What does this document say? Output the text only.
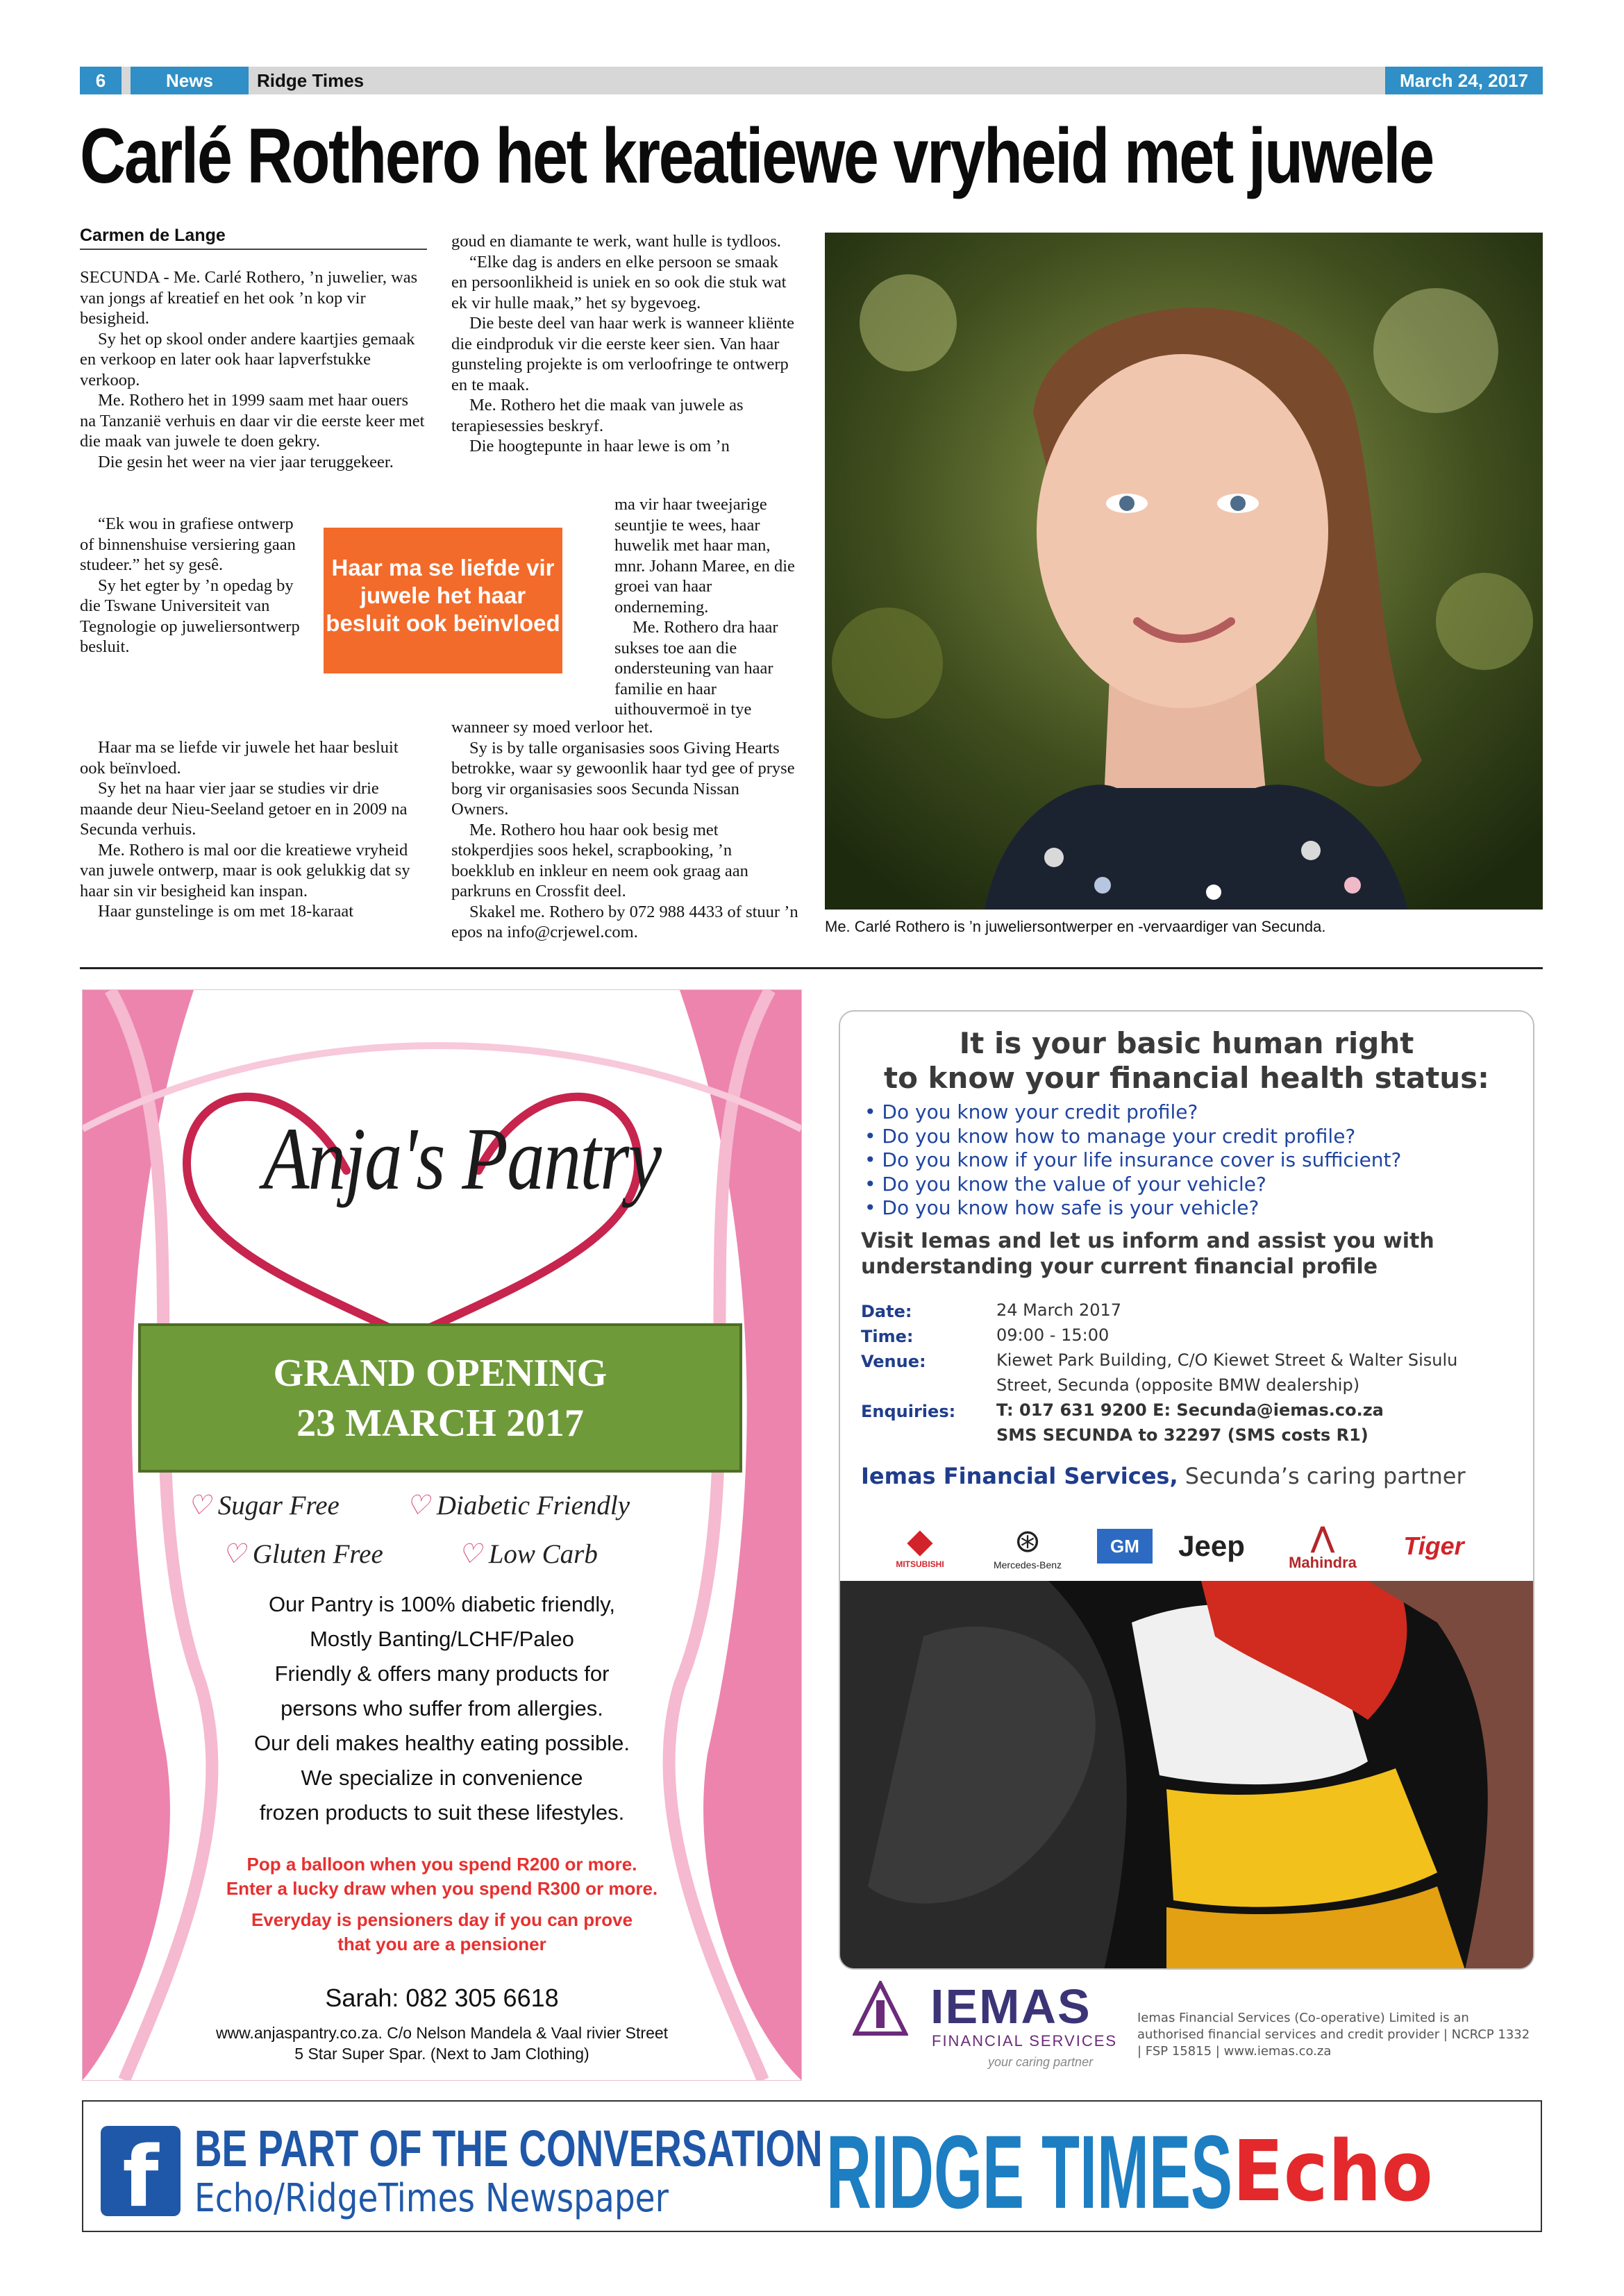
6	News	Ridge Times	March 24, 2017
Carlé Rothero het kreatiewe vryheid met juwele
Carmen de Lange

SECUNDA - Me. Carlé Rothero, ’n juwelier, was van jongs af kreatief en het ook ’n kop vir besigheid.

Sy het op skool onder andere kaartjies gemaak en verkoop en later ook haar lapverfstukke verkoop.

Me. Rothero het in 1999 saam met haar ouers na Tanzanië verhuis en daar vir die eerste keer met die maak van juwele te doen gekry.

Die gesin het weer na vier jaar teruggekeer.

“Ek wou in grafiese ontwerp of binnenshuise versiering gaan studeer.” het sy gesê.

Sy het egter by ’n opedag by die Tswane Universiteit van Tegnologie op juweliersontwerp besluit.

Haar ma se liefde vir juwele het haar besluit ook beïnvloed.

Sy het na haar vier jaar se studies vir drie maande deur Nieu-Seeland getoer en in 2009 na Secunda verhuis.

Me. Rothero is mal oor die kreatiewe vryheid van juwele ontwerp, maar is ook gelukkig dat sy haar sin vir besigheid kan inspan.

Haar gunstelinge is om met 18-karaat

Haar ma se liefde vir juwele het haar besluit ook beïnvloed

goud en diamante te werk, want hulle is tydloos.

“Elke dag is anders en elke persoon se smaak en persoonlikheid is uniek en so ook die stuk wat ek vir hulle maak,” het sy bygevoeg.

Die beste deel van haar werk is wanneer kliënte die eindproduk vir die eerste keer sien. Van haar gunsteling projekte is om verloofringe te ontwerp en te maak.

Me. Rothero het die maak van juwele as terapiesessies beskryf.

Die hoogtepunte in haar lewe is om ’n

ma vir haar tweejarige seuntjie te wees, haar huwelik met haar man, mnr. Johann Maree, en die groei van haar onderneming.

Me. Rothero dra haar sukses toe aan die ondersteuning van haar familie en haar uithouvermoë in tye

wanneer sy moed verloor het.

Sy is by talle organisasies soos Giving Hearts betrokke, waar sy gewoonlik haar tyd gee of pryse borg vir organisasies soos Secunda Nissan Owners.

Me. Rothero hou haar ook besig met stokperdjies soos hekel, scrapbooking, ’n boekklub en inkleur en neem ook graag aan parkruns en Crossfit deel.

Skakel me. Rothero by 072 988 4433 of stuur ’n epos na info@crjewel.com.	Me. Carlé Rothero is ’n juweliersontwerper en -vervaardiger van Secunda.
Anja's Pantry
GRAND OPENING
23 MARCH 2017
♡ Sugar Free ♡ Diabetic Friendly
♡ Gluten Free	♡ Low Carb
Our Pantry is 100% diabetic friendly,
Mostly Banting/LCHF/Paleo
Friendly & offers many products for
persons who suffer from allergies.
Our deli makes healthy eating possible.
We specialize in convenience
frozen products to suit these lifestyles.
Pop a balloon when you spend R200 or more.
Enter a lucky draw when you spend R300 or more.
Everyday is pensioners day if you can prove
that you are a pensioner
Sarah: 082 305 6618
www.anjaspantry.co.za. C/o Nelson Mandela & Vaal rivier Street
5 Star Super Spar. (Next to Jam Clothing)
It is your basic human right
to know your financial health status:
• Do you know your credit profile?
• Do you know how to manage your credit profile?
• Do you know if your life insurance cover is sufficient?
• Do you know the value of your vehicle?
• Do you know how safe is your vehicle?
Visit Iemas and let us inform and assist you with
understanding your current financial profile
Date:	24 March 2017
Time:	09:00 - 15:00
Venue:	Kiewet Park Building, C/O Kiewet Street & Walter Sisulu
Street, Secunda (opposite BMW dealership)
Enquiries: T: 017 631 9200 E: Secunda@iemas.co.za
SMS SECUNDA to 32297 (SMS costs R1)
Iemas Financial Services, Secunda’s caring partner
◆
MITSUBISHI
⊛
Mercedes-Benz
GM	Jeep	⋀
Mahindra
Tiger
IEMAS
FINANCIAL SERVICES
your caring partner
Iemas Financial Services (Co-operative) Limited is an authorised financial services and credit provider | NCRCP 1332 | FSP 15815 | www.iemas.co.za
f BE PART OF THE CONVERSATION
Echo/RidgeTimes Newspaper RIDGE TIMES Echo
